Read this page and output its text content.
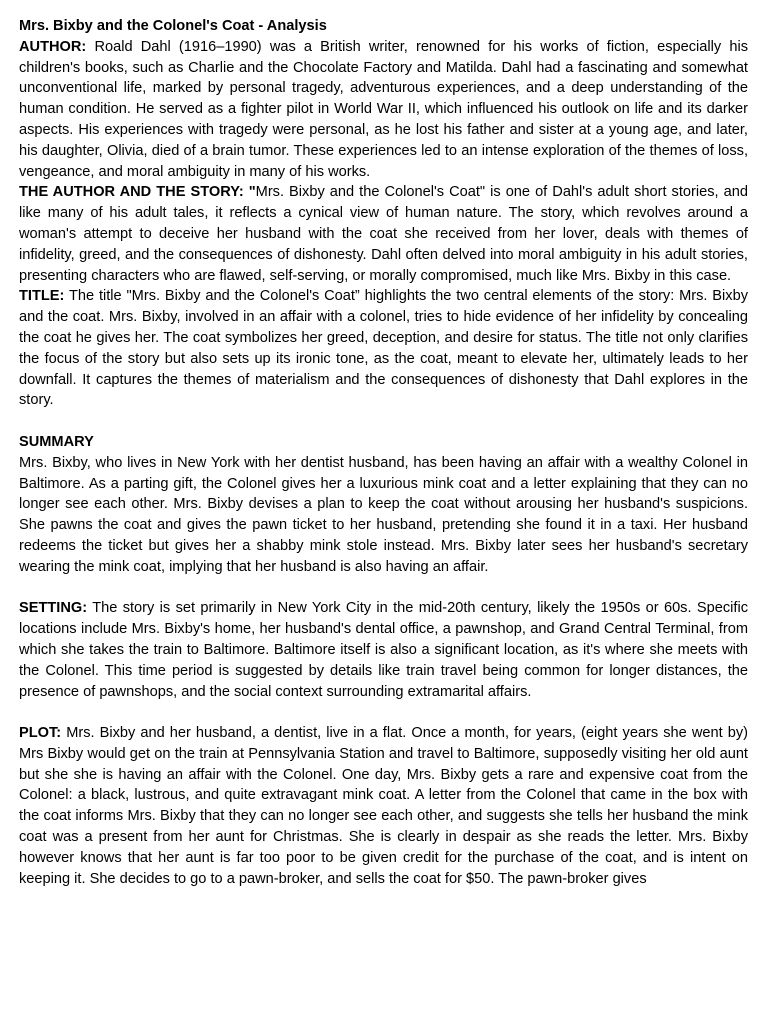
Mrs. Bixby and the Colonel's Coat - Analysis

AUTHOR: Roald Dahl (1916–1990) was a British writer, renowned for his works of fiction, especially his children's books, such as Charlie and the Chocolate Factory and Matilda. Dahl had a fascinating and somewhat unconventional life, marked by personal tragedy, adventurous experiences, and a deep understanding of the human condition. He served as a fighter pilot in World War II, which influenced his outlook on life and its darker aspects. His experiences with tragedy were personal, as he lost his father and sister at a young age, and later, his daughter, Olivia, died of a brain tumor. These experiences led to an intense exploration of the themes of loss, vengeance, and moral ambiguity in many of his works.

THE AUTHOR AND THE STORY: "Mrs. Bixby and the Colonel's Coat" is one of Dahl's adult short stories, and like many of his adult tales, it reflects a cynical view of human nature. The story, which revolves around a woman's attempt to deceive her husband with the coat she received from her lover, deals with themes of infidelity, greed, and the consequences of dishonesty. Dahl often delved into moral ambiguity in his adult stories, presenting characters who are flawed, self-serving, or morally compromised, much like Mrs. Bixby in this case.

TITLE: The title "Mrs. Bixby and the Colonel's Coat” highlights the two central elements of the story: Mrs. Bixby and the coat. Mrs. Bixby, involved in an affair with a colonel, tries to hide evidence of her infidelity by concealing the coat he gives her. The coat symbolizes her greed, deception, and desire for status. The title not only clarifies the focus of the story but also sets up its ironic tone, as the coat, meant to elevate her, ultimately leads to her downfall. It captures the themes of materialism and the consequences of dishonesty that Dahl explores in the story.

SUMMARY

Mrs. Bixby, who lives in New York with her dentist husband, has been having an affair with a wealthy Colonel in Baltimore. As a parting gift, the Colonel gives her a luxurious mink coat and a letter explaining that they can no longer see each other. Mrs. Bixby devises a plan to keep the coat without arousing her husband's suspicions. She pawns the coat and gives the pawn ticket to her husband, pretending she found it in a taxi. Her husband redeems the ticket but gives her a shabby mink stole instead. Mrs. Bixby later sees her husband's secretary wearing the mink coat, implying that her husband is also having an affair.

SETTING: The story is set primarily in New York City in the mid-20th century, likely the 1950s or 60s. Specific locations include Mrs. Bixby's home, her husband's dental office, a pawnshop, and Grand Central Terminal, from which she takes the train to Baltimore. Baltimore itself is also a significant location, as it's where she meets with the Colonel. This time period is suggested by details like train travel being common for longer distances, the presence of pawnshops, and the social context surrounding extramarital affairs.

PLOT: Mrs. Bixby and her husband, a dentist, live in a flat. Once a month, for years, (eight years she went by) Mrs Bixby would get on the train at Pennsylvania Station and travel to Baltimore, supposedly visiting her old aunt but she she is having an affair with the Colonel. One day, Mrs. Bixby gets a rare and expensive coat from the Colonel: a black, lustrous, and quite extravagant mink coat. A letter from the Colonel that came in the box with the coat informs Mrs. Bixby that they can no longer see each other, and suggests she tells her husband the mink coat was a present from her aunt for Christmas. She is clearly in despair as she reads the letter. Mrs. Bixby however knows that her aunt is far too poor to be given credit for the purchase of the coat, and is intent on keeping it. She decides to go to a pawn-broker, and sells the coat for $50. The pawn-broker gives
